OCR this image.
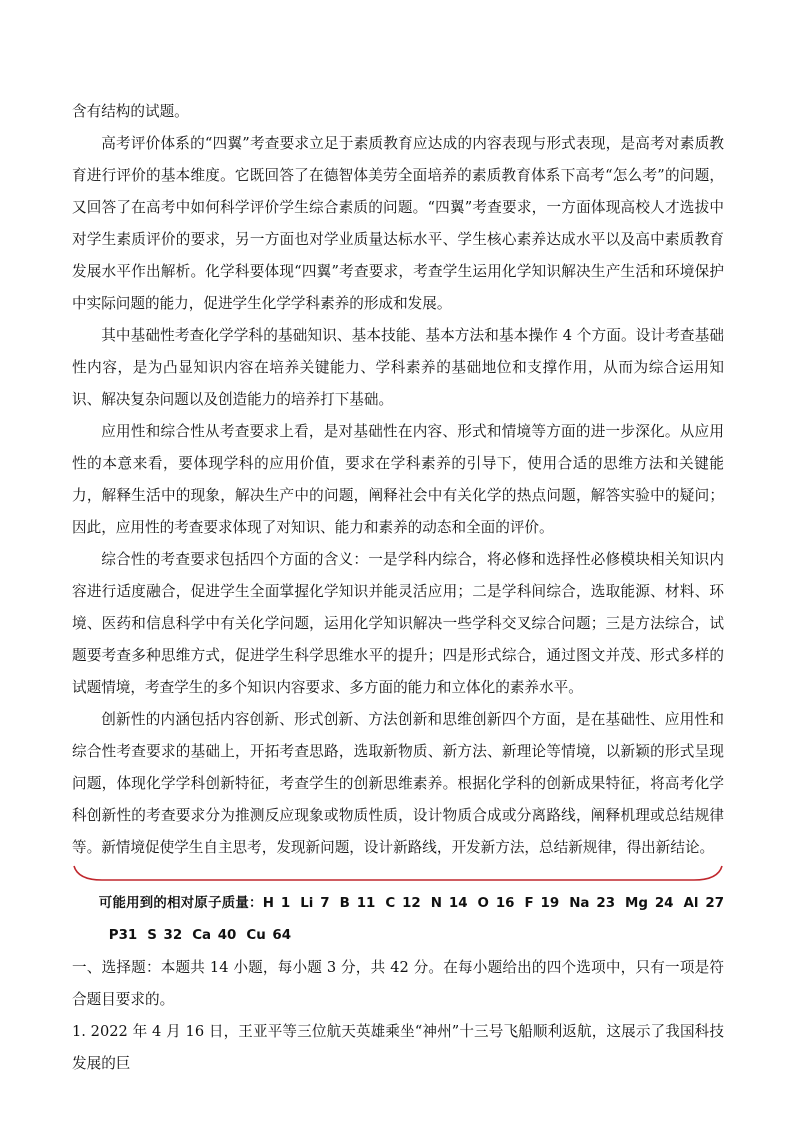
含有结构的试题。

高考评价体系的“四翼”考查要求立足于素质教育应达成的内容表现与形式表现，是高考对素质教育进行评价的基本维度。它既回答了在德智体美劳全面培养的素质教育体系下高考“怎么考”的问题，又回答了在高考中如何科学评价学生综合素质的问题。“四翼”考查要求，一方面体现高校人才选拔中对学生素质评价的要求，另一方面也对学业质量达标水平、学生核心素养达成水平以及高中素质教育发展水平作出解析。化学科要体现“四翼”考查要求，考查学生运用化学知识解决生产生活和环境保护中实际问题的能力，促进学生化学学科素养的形成和发展。

其中基础性考查化学学科的基础知识、基本技能、基本方法和基本操作 4 个方面。设计考查基础性内容，是为凸显知识内容在培养关键能力、学科素养的基础地位和支撑作用，从而为综合运用知识、解决复杂问题以及创造能力的培养打下基础。

应用性和综合性从考查要求上看，是对基础性在内容、形式和情境等方面的进一步深化。从应用性的本意来看，要体现学科的应用价值，要求在学科素养的引导下，使用合适的思维方法和关键能力，解释生活中的现象，解决生产中的问题，阐释社会中有关化学的热点问题，解答实验中的疑问；因此，应用性的考查要求体现了对知识、能力和素养的动态和全面的评价。

综合性的考查要求包括四个方面的含义：一是学科内综合，将必修和选择性必修模块相关知识内容进行适度融合，促进学生全面掌握化学知识并能灵活应用；二是学科间综合，选取能源、材料、环境、医药和信息科学中有关化学问题，运用化学知识解决一些学科交叉综合问题；三是方法综合，试题要考查多种思维方式，促进学生科学思维水平的提升；四是形式综合，通过图文并茂、形式多样的试题情境，考查学生的多个知识内容要求、多方面的能力和立体化的素养水平。

创新性的内涵包括内容创新、形式创新、方法创新和思维创新四个方面，是在基础性、应用性和综合性考查要求的基础上，开拓考查思路，选取新物质、新方法、新理论等情境，以新颖的形式呈现问题，体现化学学科创新特征，考查学生的创新思维素养。根据化学科的创新成果特征，将高考化学科创新性的考查要求分为推测反应现象或物质性质，设计物质合成或分离路线，阐释机理或总结规律等。新情境促使学生自主思考，发现新问题，设计新路线，开发新方法，总结新规律，得出新结论。

可能用到的相对原子质量：H 1 Li 7 B 11 C 12 N 14 O 16 F 19 Na 23 Mg 24 Al 27P31 S 32 Ca 40 Cu 64

一、选择题：本题共 14 小题，每小题 3 分，共 42 分。在每小题给出的四个选项中，只有一项是符合题目要求的。

1. 2022 年 4 月 16 日，王亚平等三位航天英雄乘坐“神州”十三号飞船顺利返航，这展示了我国科技发展的巨
